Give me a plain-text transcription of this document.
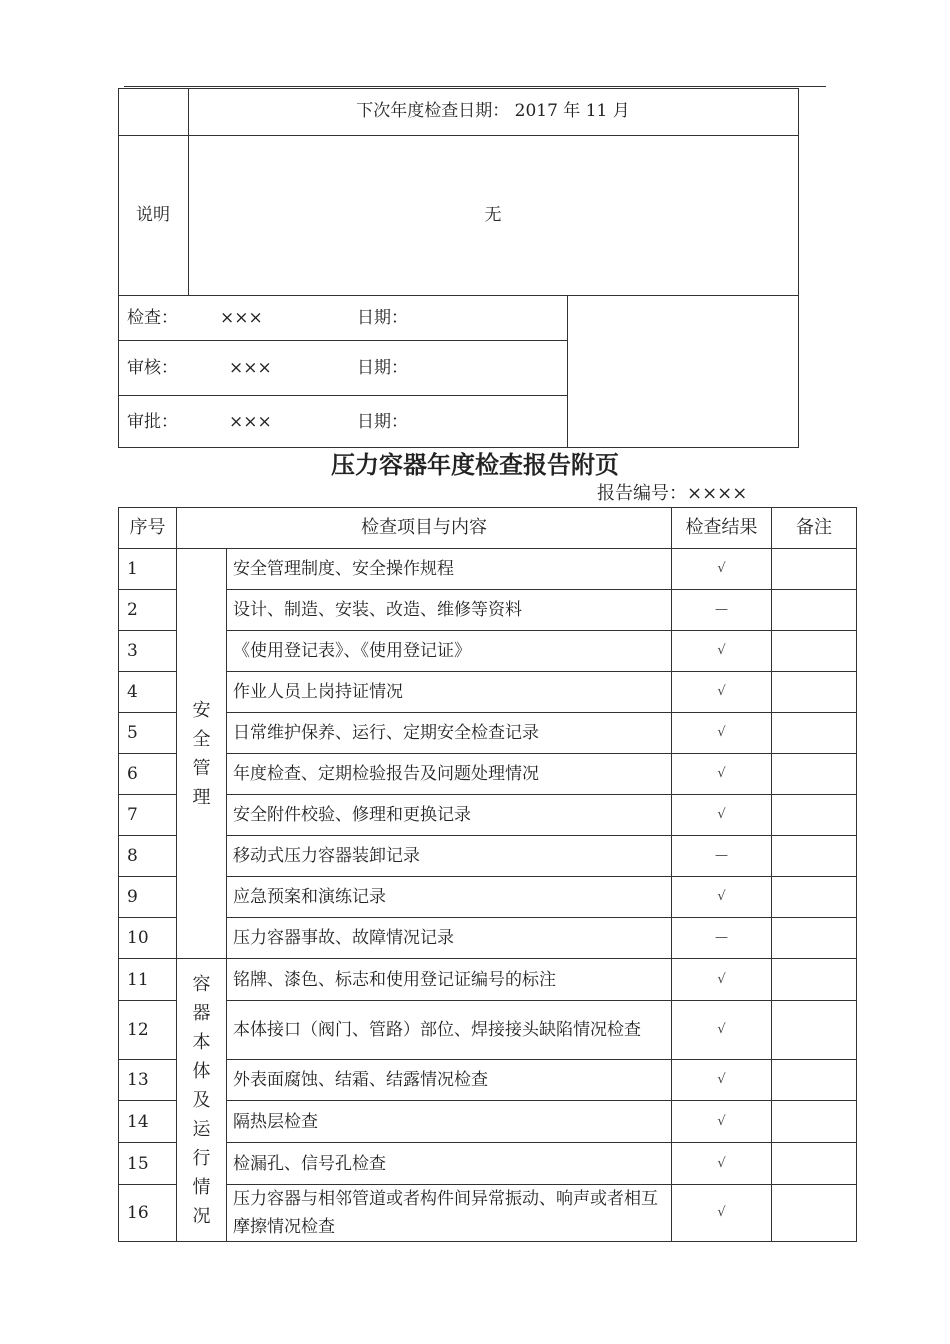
下次年度检查日期： 2017 年 11 月
说明	无
检查： ×××	日期：
审核：	×××	日期：
审批：	×××	日期：
压力容器年度检查报告附页
报告编号：××××
序号	检查项目与内容		检查结果	备注
1	安全管理	安全管理制度、安全操作规程	√	
2		设计、制造、安装、改造、维修等资料	—	
3		《使用登记表》、《使用登记证》	√	
4		作业人员上岗持证情况	√	
5		日常维护保养、运行、定期安全检查记录	√	
6		年度检查、定期检验报告及问题处理情况	√	
7		安全附件校验、修理和更换记录	√	
8		移动式压力容器装卸记录	—	
9		应急预案和演练记录	√	
10		压力容器事故、故障情况记录	—	
11	容器本体及运行情况	铭牌、漆色、标志和使用登记证编号的标注	√	
12		本体接口（阀门、管路）部位、焊接接头缺陷情况检查	√	
13		外表面腐蚀、结霜、结露情况检查	√	
14		隔热层检查	√	
15		检漏孔、信号孔检查	√	
16		压力容器与相邻管道或者构件间异常振动、响声或者相互摩擦情况检查	√	
